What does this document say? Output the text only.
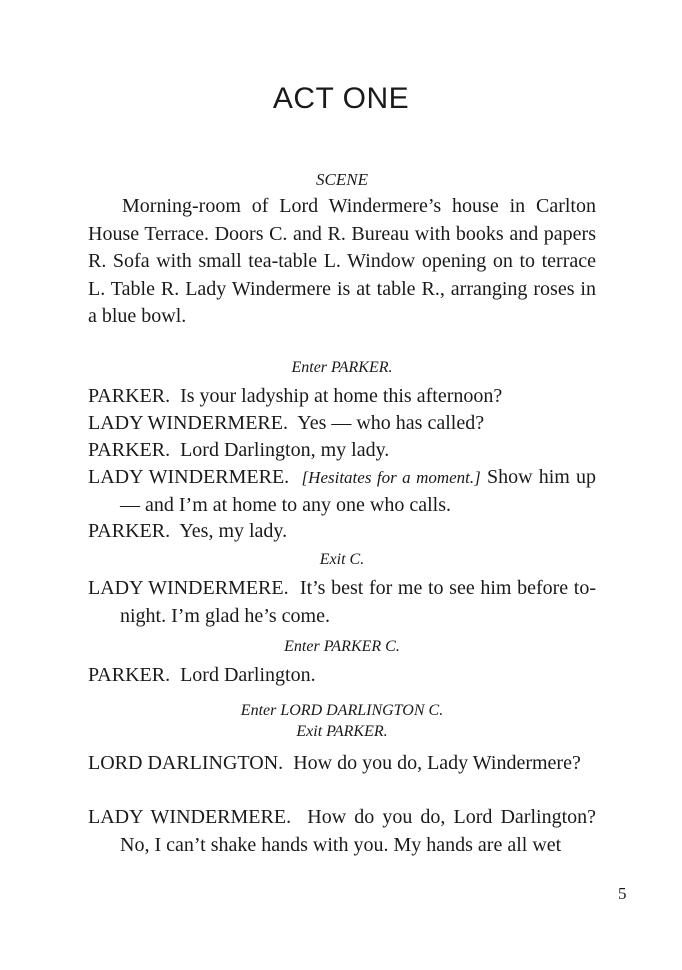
ACT ONE
SCENE
Morning-room of Lord Windermere’s house in Carlton House Terrace. Doors C. and R. Bureau with books and papers R. Sofa with small tea-table L. Window opening on to terrace L. Table R. Lady Windermere is at table R., arranging roses in a blue bowl.
Enter PARKER.
PARKER. Is your ladyship at home this afternoon?
LADY WINDERMERE. Yes — who has called?
PARKER. Lord Darlington, my lady.
LADY WINDERMERE. [Hesitates for a moment.] Show him up — and I’m at home to any one who calls.
PARKER. Yes, my lady.
Exit C.
LADY WINDERMERE. It’s best for me to see him before to-night. I’m glad he’s come.
Enter PARKER C.
PARKER. Lord Darlington.
Enter LORD DARLINGTON C.
Exit PARKER.
LORD DARLINGTON. How do you do, Lady Windermere?
LADY WINDERMERE. How do you do, Lord Darlington? No, I can’t shake hands with you. My hands are all wet
5
